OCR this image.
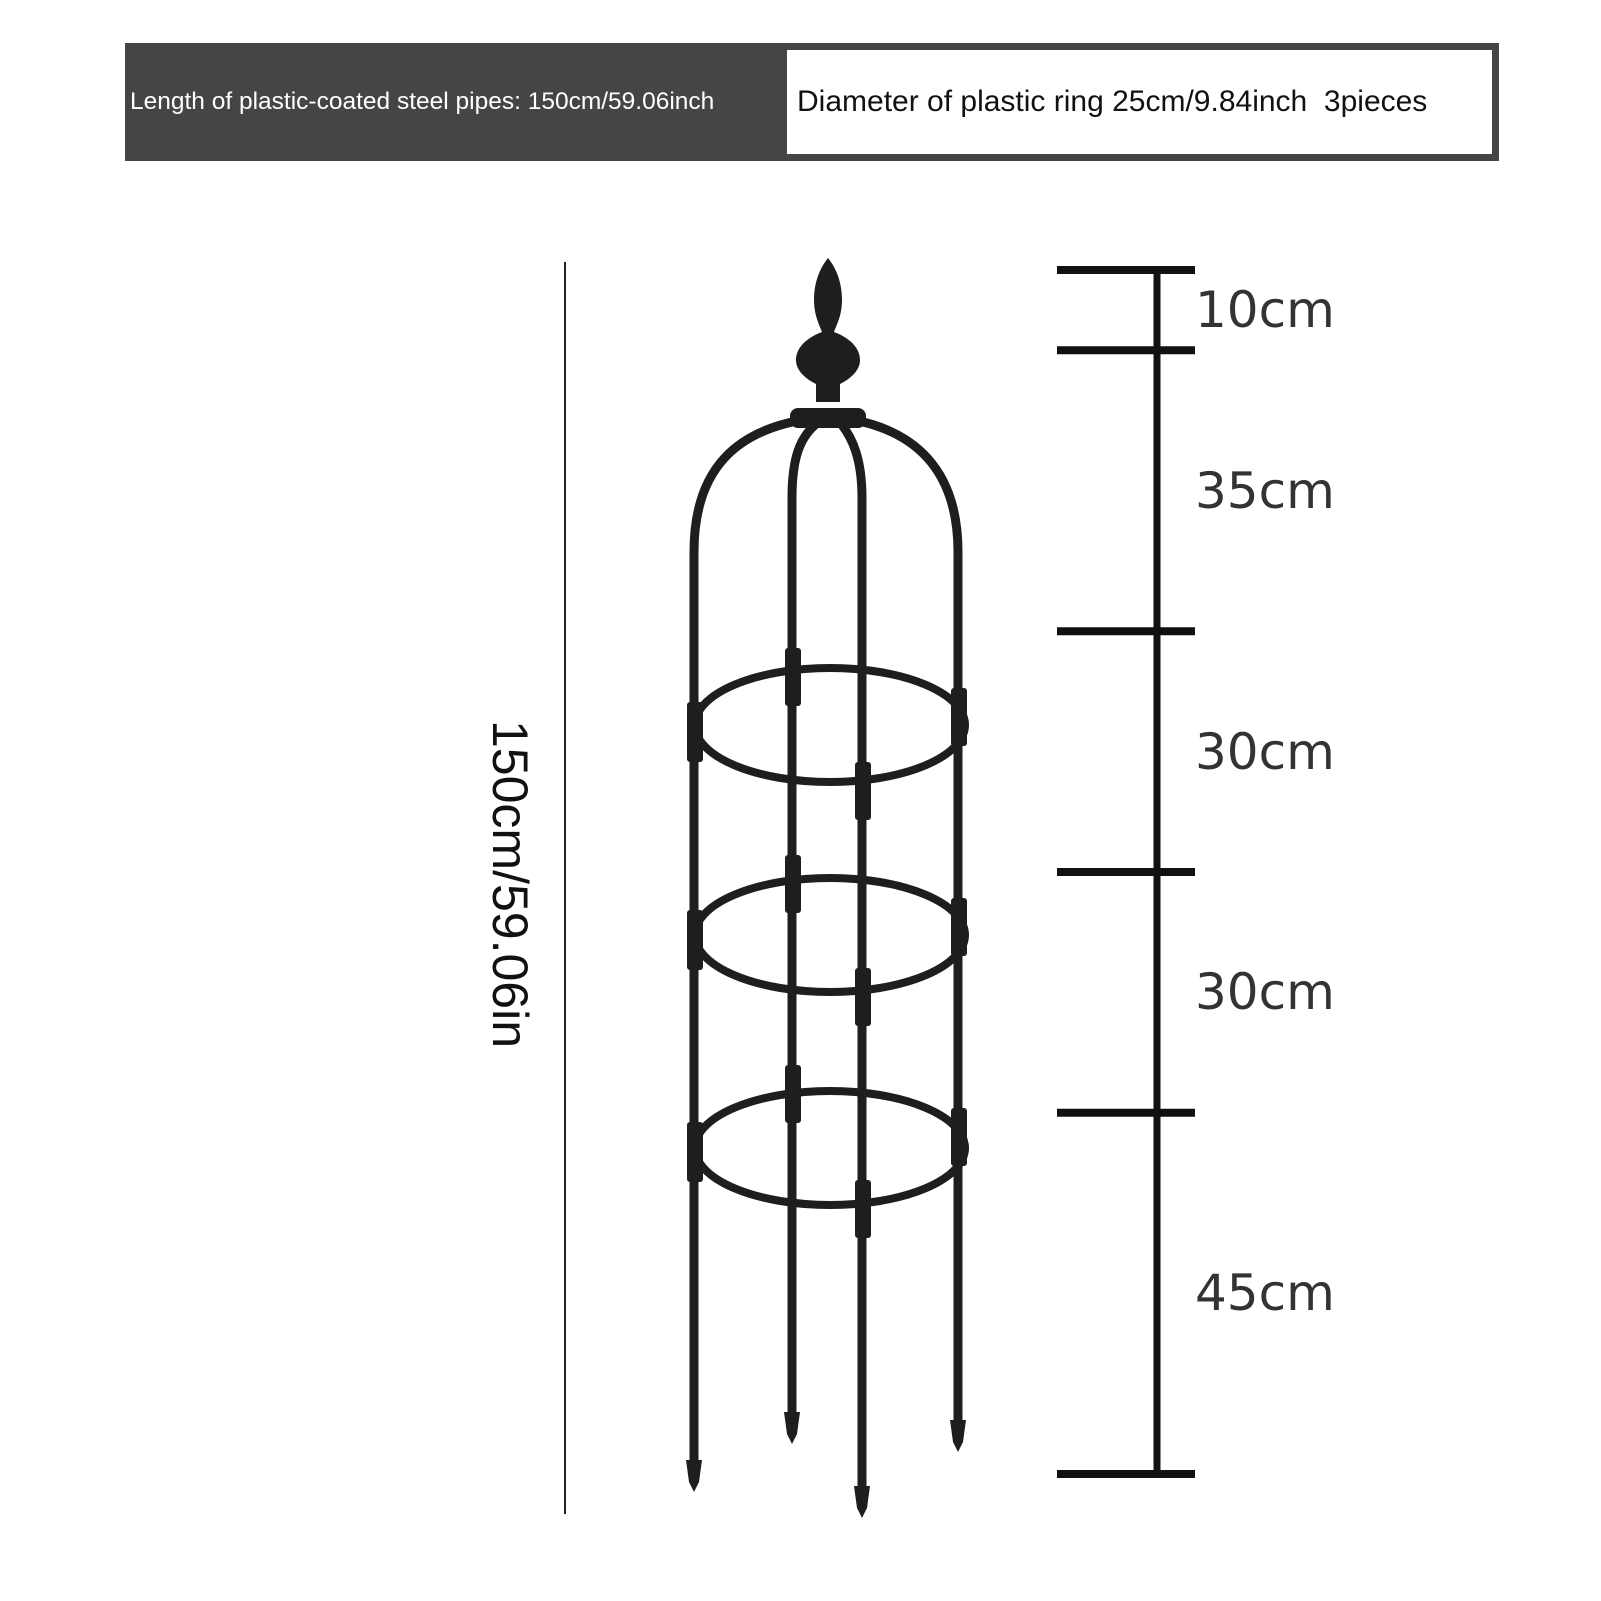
Length of plastic-coated steel pipes: 150cm/59.06inch	Diameter of plastic ring 25cm/9.84inch  3pieces
150cm/59.06in
10cm
35cm
30cm
30cm
45cm
